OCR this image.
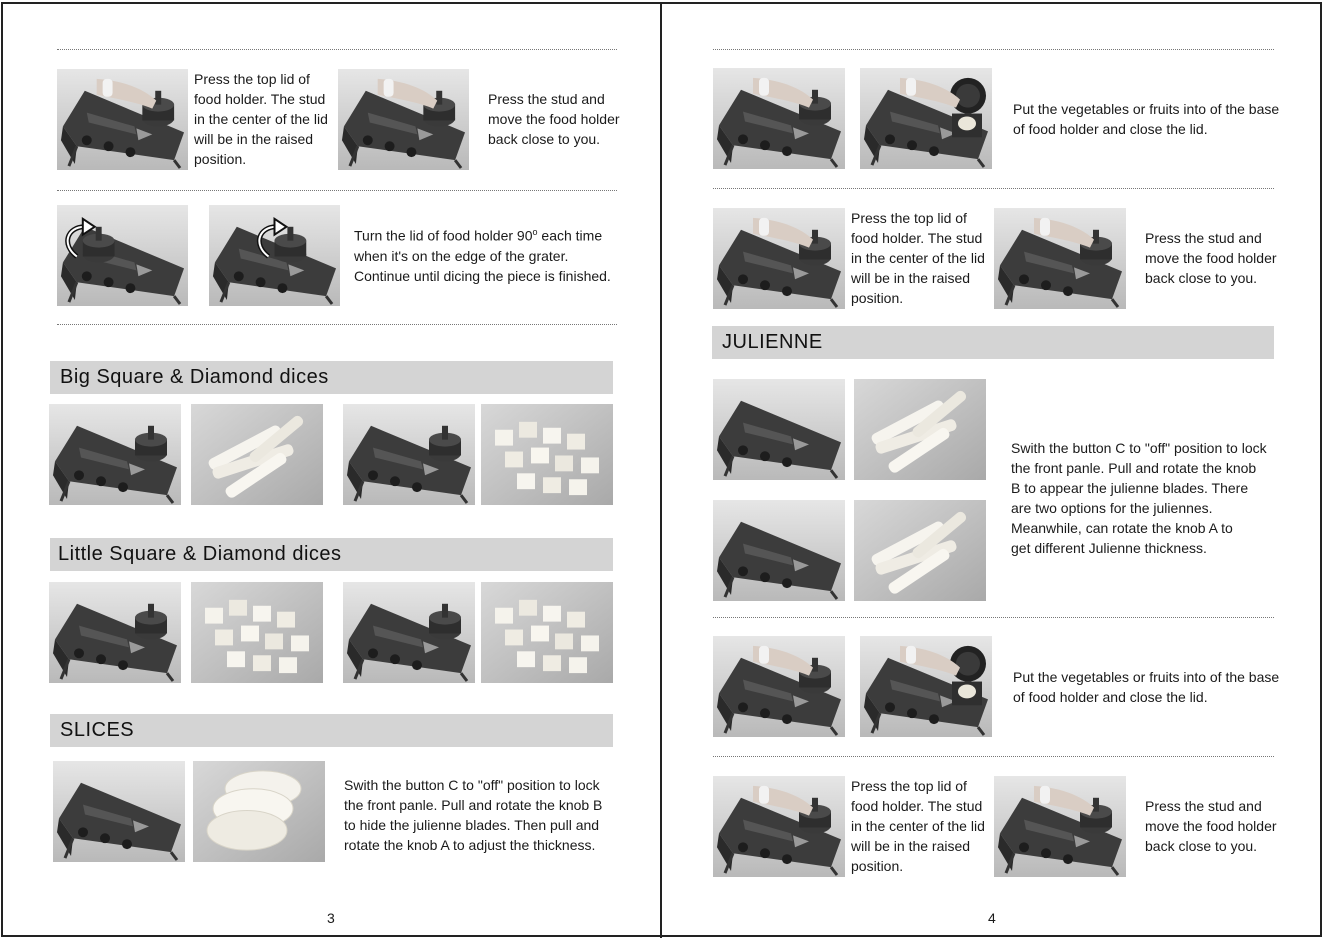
Press the top lid of
food holder. The stud
in the center of the lid
will be in the raised
position.
Press the stud and
move the food holder
back close to you.
Turn the lid of food holder 90$^o$ each time
when it's on the edge of the grater.
Continue until dicing the piece is finished.
Big Square & Diamond dices
Little Square & Diamond dices
SLICES
Swith the button C to "off" position to lock
the front panle. Pull and rotate the knob B
to hide the julienne blades. Then pull and
rotate the knob A to adjust the thickness.
3
Put the vegetables or fruits into of the base
of food holder and close the lid.
Press the top lid of
food holder. The stud
in the center of the lid
will be in the raised
position.
Press the stud and
move the food holder
back close to you.
JULIENNE
Swith the button C to "off" position to lock
the front panle. Pull and rotate the knob
B to appear the julienne blades. There
are two options for the juliennes.
Meanwhile, can rotate the knob A to
get different Julienne thickness.
Put the vegetables or fruits into of the base
of food holder and close the lid.
Press the top lid of
food holder. The stud
in the center of the lid
will be in the raised
position.
Press the stud and
move the food holder
back close to you.
4
